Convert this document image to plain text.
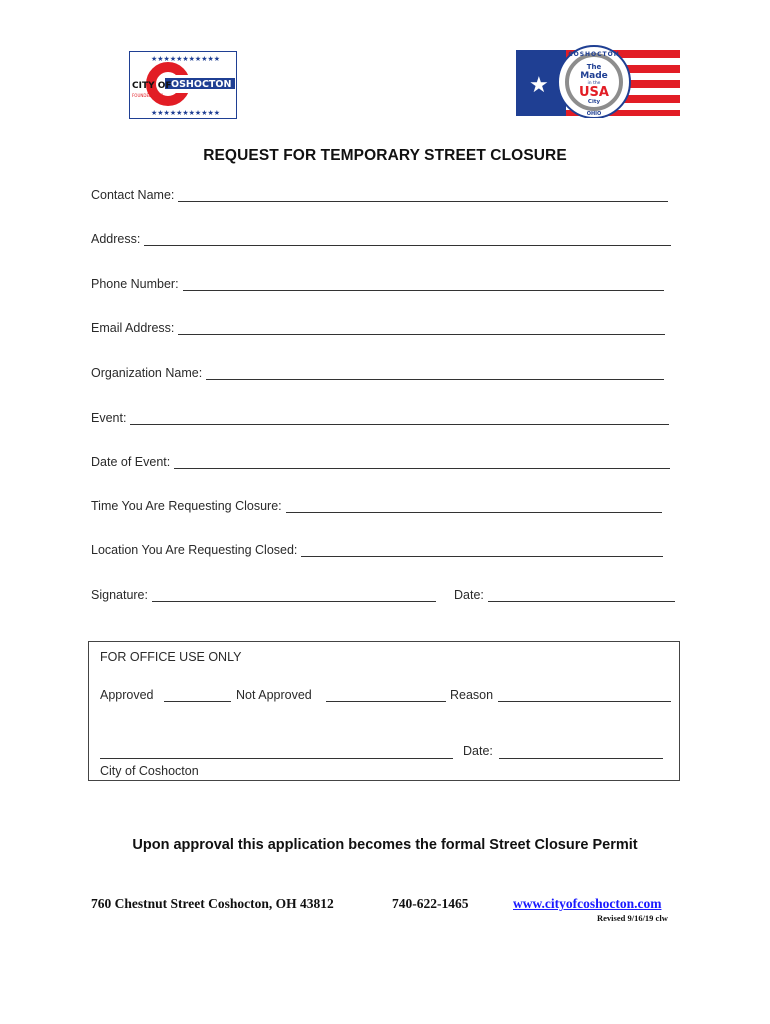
★★★★★★★★★★★
★★★★★★★★★★★
OSHOCTON
CITY OF
FOUNDED 1811	★
COSHOCTON
OHIO
The
Made
in the
USA
City
REQUEST FOR TEMPORARY STREET CLOSURE
Contact Name:
Address:
Phone Number:
Email Address:
Organization Name:
Event:
Date of Event:
Time You Are Requesting Closure:
Location You Are Requesting Closed:
Signature:	Date:
FOR OFFICE USE ONLY
Approved	Not Approved	Reason
Date:
City of Coshocton
Upon approval this application becomes the formal Street Closure Permit
760 Chestnut Street Coshocton, OH 43812	740-622-1465	www.cityofcoshocton.com
Revised 9/16/19 clw
